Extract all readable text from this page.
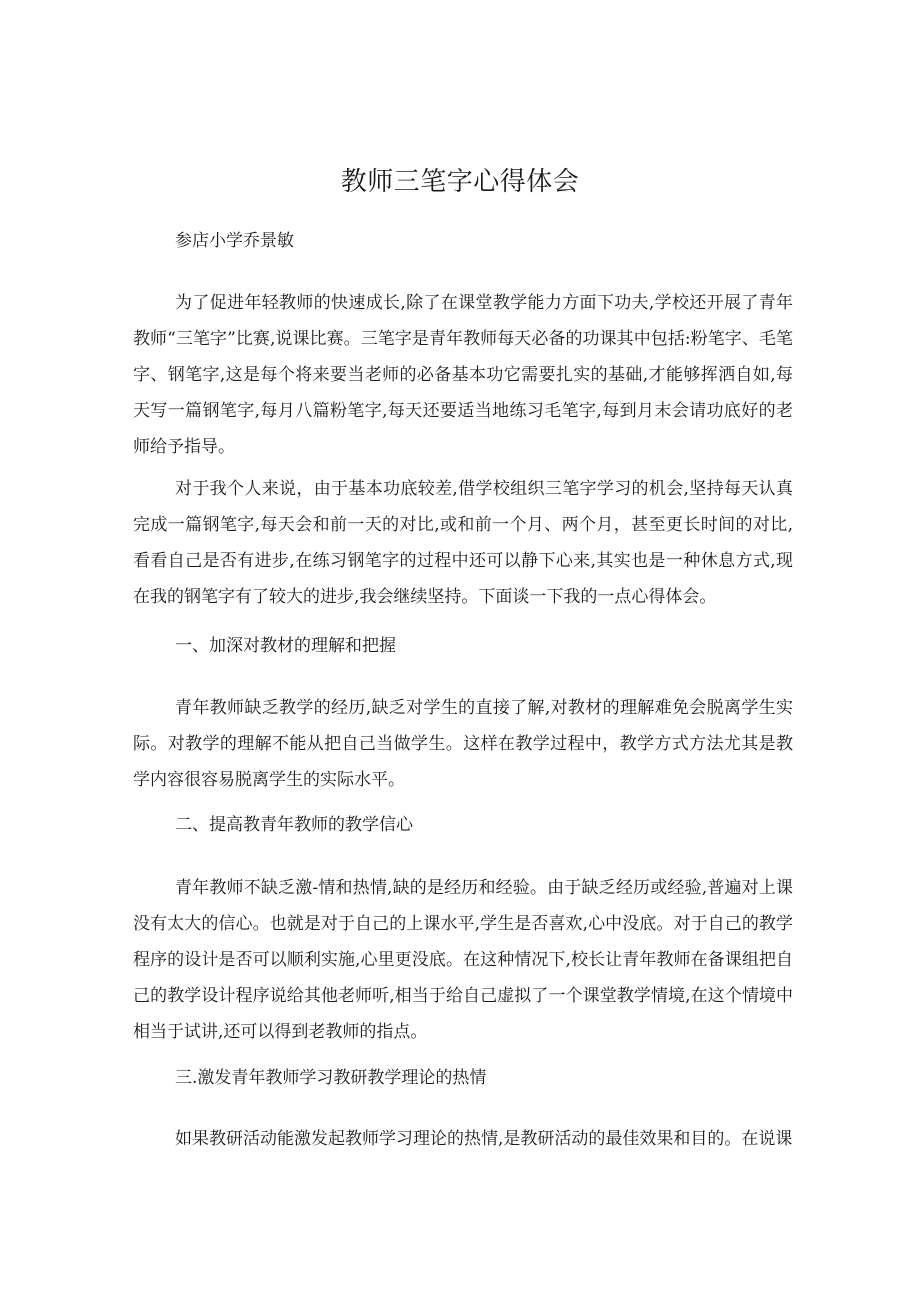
教师三笔字心得体会
参店小学乔景敏

为了促进年轻教师的快速成长,除了在课堂教学能力方面下功夫,学校还开展了青年教师“三笔字”比赛,说课比赛。三笔字是青年教师每天必备的功课其中包括:粉笔字、毛笔字、钢笔字,这是每个将来要当老师的必备基本功它需要扎实的基础,才能够挥洒自如,每天写一篇钢笔字,每月八篇粉笔字,每天还要适当地练习毛笔字,每到月末会请功底好的老师给予指导。

对于我个人来说，由于基本功底较差,借学校组织三笔字学习的机会,坚持每天认真完成一篇钢笔字,每天会和前一天的对比,或和前一个月、两个月，甚至更长时间的对比,看看自己是否有进步,在练习钢笔字的过程中还可以静下心来,其实也是一种休息方式,现在我的钢笔字有了较大的进步,我会继续坚持。下面谈一下我的一点心得体会。

一、加深对教材的理解和把握

青年教师缺乏教学的经历,缺乏对学生的直接了解,对教材的理解难免会脱离学生实际。对教学的理解不能从把自己当做学生。这样在教学过程中，教学方式方法尤其是教学内容很容易脱离学生的实际水平。

二、提高教青年教师的教学信心

青年教师不缺乏激-情和热情,缺的是经历和经验。由于缺乏经历或经验,普遍对上课没有太大的信心。也就是对于自己的上课水平,学生是否喜欢,心中没底。对于自己的教学程序的设计是否可以顺利实施,心里更没底。在这种情况下,校长让青年教师在备课组把自己的教学设计程序说给其他老师听,相当于给自己虚拟了一个课堂教学情境,在这个情境中相当于试讲,还可以得到老教师的指点。

三.激发青年教师学习教研教学理论的热情

如果教研活动能激发起教师学习理论的热情,是教研活动的最佳效果和目的。在说课
